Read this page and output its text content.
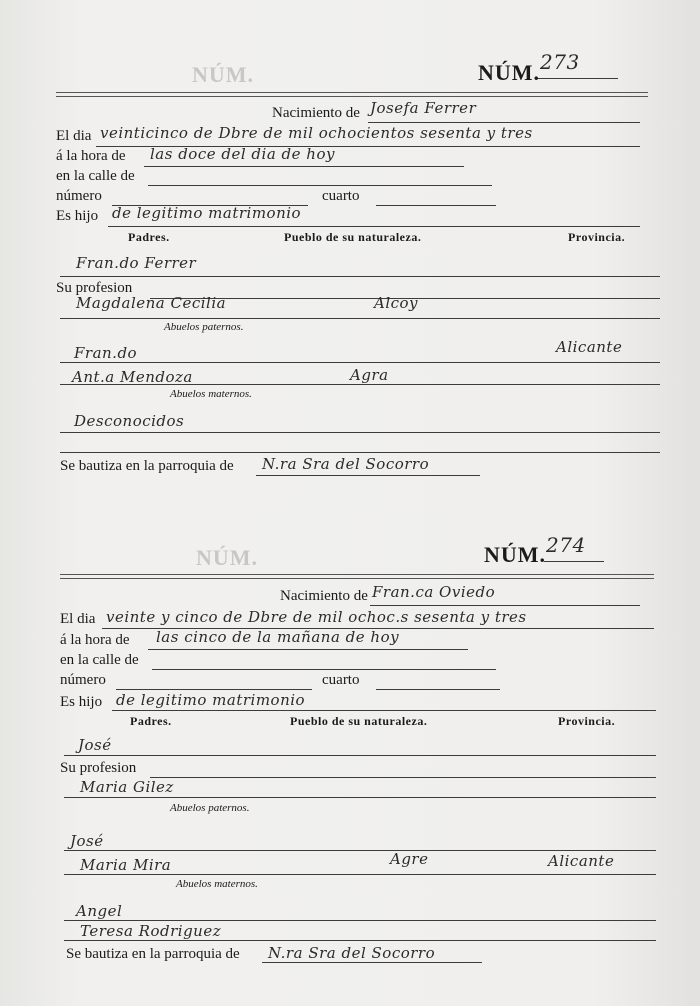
NÚM.
NÚM.
NÚM. 273
Nacimiento de Josefa Ferrer
El dia veinticinco de Dbre de mil ochocientos sesenta y tres
á la hora de las doce del dia de hoy
en la calle de
número	cuarto
Es hijo de legitimo matrimonio
Padres.	Pueblo de su naturaleza.	Provincia.
Fran.do Ferrer
Su profesion
Magdalena Cecilia	Alcoy
Abuelos paternos.
Fran.do	Alicante
Ant.a Mendoza	Agra
Abuelos maternos.
Desconocidos
Se bautiza en la parroquia de N.ra Sra del Socorro
NÚM. 274
Nacimiento de Fran.ca Oviedo
El dia veinte y cinco de Dbre de mil ochoc.s sesenta y tres
á la hora de las cinco de la mañana de hoy
en la calle de
número	cuarto
Es hijo de legitimo matrimonio
Padres.	Pueblo de su naturaleza.	Provincia.
José
Su profesion
Maria Gilez
Abuelos paternos.
José
Maria Mira	Agre	Alicante
Abuelos maternos.
Angel
Teresa Rodriguez
Se bautiza en la parroquia de N.ra Sra del Socorro
